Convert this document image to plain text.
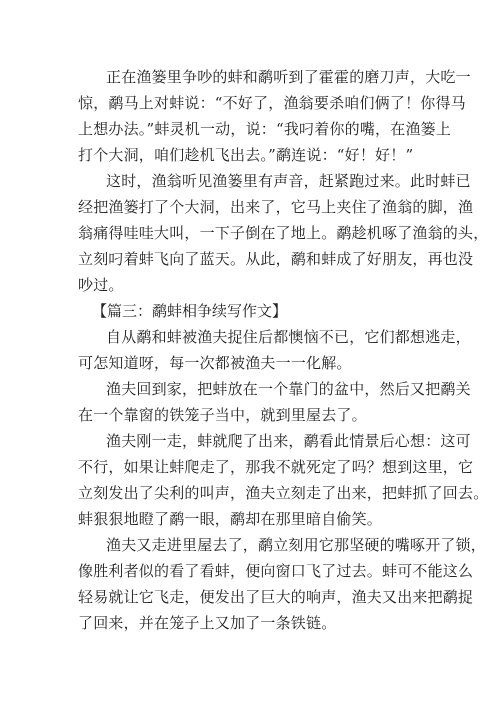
正在渔篓里争吵的蚌和鹬听到了霍霍的磨刀声，大吃一
惊，鹬马上对蚌说：“不好了，渔翁要杀咱们俩了！你得马
上想办法。”蚌灵机一动，说：“我叼着你的嘴，在渔篓上
打个大洞，咱们趁机飞出去。”鹬连说：“好！好！”
这时，渔翁听见渔篓里有声音，赶紧跑过来。此时蚌已
经把渔篓打了个大洞，出来了，它马上夹住了渔翁的脚，渔
翁痛得哇哇大叫，一下子倒在了地上。鹬趁机啄了渔翁的头，
立刻叼着蚌飞向了蓝天。从此，鹬和蚌成了好朋友，再也没
吵过。
【篇三：鹬蚌相争续写作文】
自从鹬和蚌被渔夫捉住后都懊恼不已，它们都想逃走，
可怎知道呀，每一次都被渔夫一一化解。
渔夫回到家，把蚌放在一个靠门的盆中，然后又把鹬关
在一个靠窗的铁笼子当中，就到里屋去了。
渔夫刚一走，蚌就爬了出来，鹬看此情景后心想：这可
不行，如果让蚌爬走了，那我不就死定了吗？想到这里，它
立刻发出了尖利的叫声，渔夫立刻走了出来，把蚌抓了回去。
蚌狠狠地瞪了鹬一眼，鹬却在那里暗自偷笑。
渔夫又走进里屋去了，鹬立刻用它那坚硬的嘴啄开了锁，
像胜利者似的看了看蚌，便向窗口飞了过去。蚌可不能这么
轻易就让它飞走，便发出了巨大的响声，渔夫又出来把鹬捉
了回来，并在笼子上又加了一条铁链。
